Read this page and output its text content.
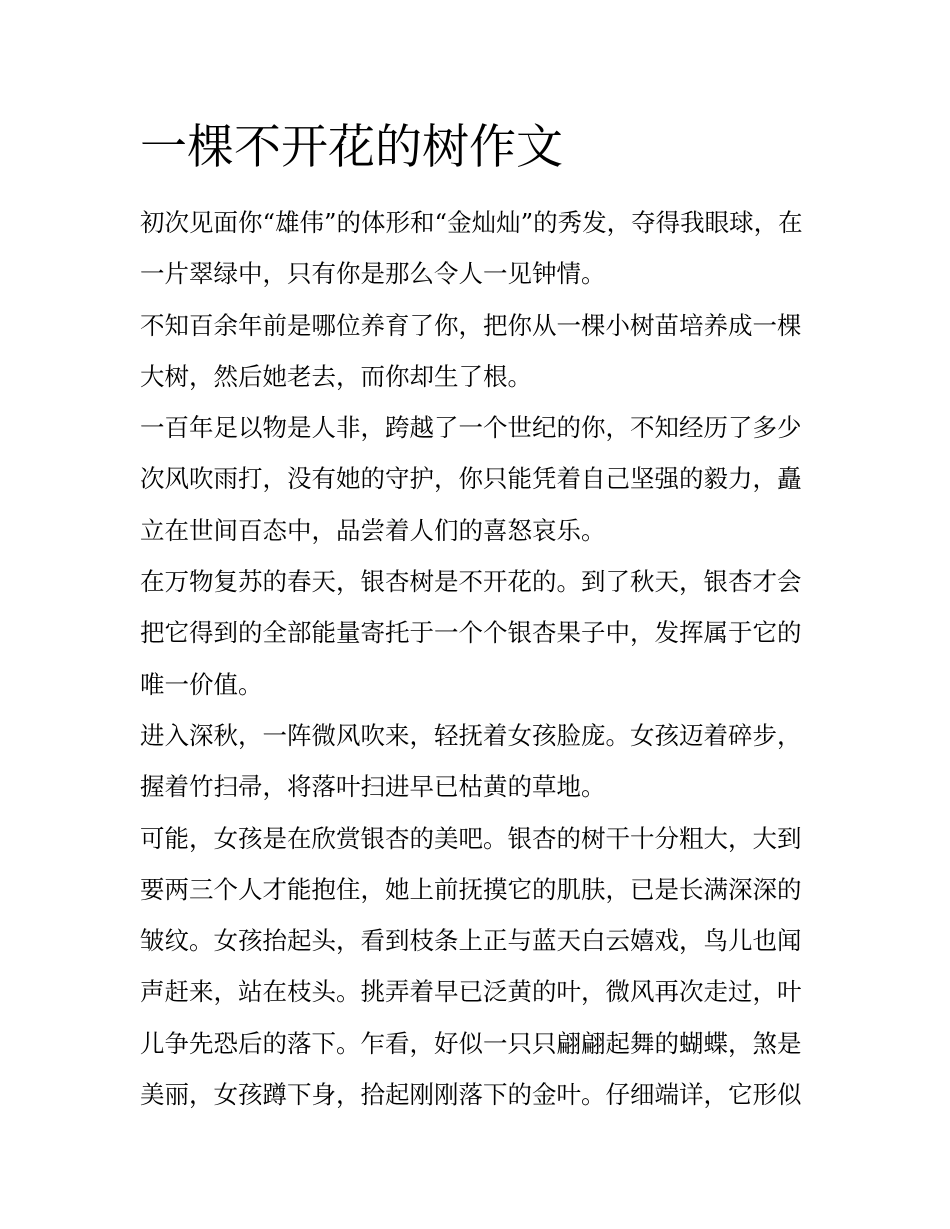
一棵不开花的树作文
初次见面你“雄伟”的体形和“金灿灿”的秀发，夺得我眼球，在
一片翠绿中，只有你是那么令人一见钟情。
不知百余年前是哪位养育了你，把你从一棵小树苗培养成一棵
大树，然后她老去，而你却生了根。
一百年足以物是人非，跨越了一个世纪的你，不知经历了多少
次风吹雨打，没有她的守护，你只能凭着自己坚强的毅力，矗
立在世间百态中，品尝着人们的喜怒哀乐。
在万物复苏的春天，银杏树是不开花的。到了秋天，银杏才会
把它得到的全部能量寄托于一个个银杏果子中，发挥属于它的
唯一价值。
进入深秋，一阵微风吹来，轻抚着女孩脸庞。女孩迈着碎步，
握着竹扫帚，将落叶扫进早已枯黄的草地。
可能，女孩是在欣赏银杏的美吧。银杏的树干十分粗大，大到
要两三个人才能抱住，她上前抚摸它的肌肤，已是长满深深的
皱纹。女孩抬起头，看到枝条上正与蓝天白云嬉戏，鸟儿也闻
声赶来，站在枝头。挑弄着早已泛黄的叶，微风再次走过，叶
儿争先恐后的落下。乍看，好似一只只翩翩起舞的蝴蝶，煞是
美丽，女孩蹲下身，拾起刚刚落下的金叶。仔细端详，它形似
